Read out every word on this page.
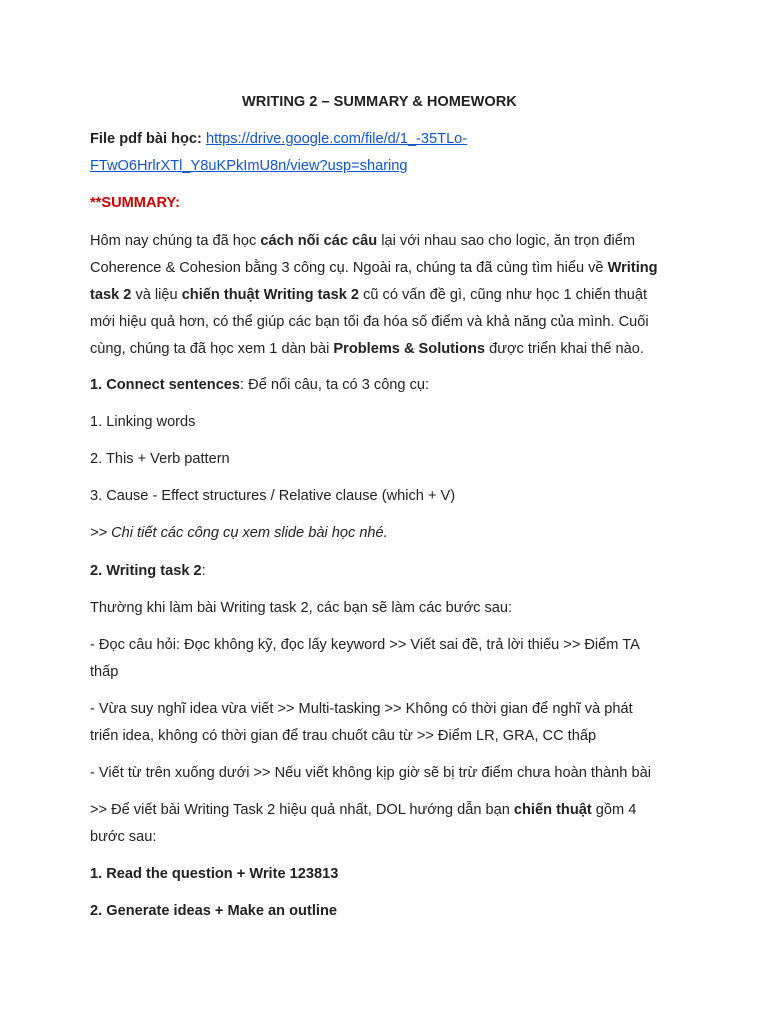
WRITING 2 – SUMMARY & HOMEWORK
File pdf bài học: https://drive.google.com/file/d/1_-35TLo-
FTwO6HrlrXTl_Y8uKPkImU8n/view?usp=sharing
**SUMMARY:
Hôm nay chúng ta đã học cách nối các câu lại với nhau sao cho logic, ăn trọn điểm
Coherence & Cohesion bằng 3 công cụ. Ngoài ra, chúng ta đã cùng tìm hiểu về Writing
task 2 và liệu chiến thuật Writing task 2 cũ có vấn đề gì, cũng như học 1 chiến thuật
mới hiệu quả hơn, có thể giúp các bạn tối đa hóa số điểm và khả năng của mình. Cuối
cùng, chúng ta đã học xem 1 dàn bài Problems & Solutions được triển khai thế nào.
1. Connect sentences: Để nối câu, ta có 3 công cụ:
1. Linking words
2. This + Verb pattern
3. Cause - Effect structures / Relative clause (which + V)
>> Chi tiết các công cụ xem slide bài học nhé.
2. Writing task 2:
Thường khi làm bài Writing task 2, các bạn sẽ làm các bước sau:
- Đọc câu hỏi: Đọc không kỹ, đọc lấy keyword >> Viết sai đề, trả lời thiếu >> Điểm TA
thấp
- Vừa suy nghĩ idea vừa viết >> Multi-tasking >> Không có thời gian để nghĩ và phát
triển idea, không có thời gian để trau chuốt câu từ >> Điểm LR, GRA, CC thấp
- Viết từ trên xuống dưới >> Nếu viết không kịp giờ sẽ bị trừ điểm chưa hoàn thành bài
>> Để viết bài Writing Task 2 hiệu quả nhất, DOL hướng dẫn bạn chiến thuật gồm 4
bước sau:
1. Read the question + Write 123813
2. Generate ideas + Make an outline
